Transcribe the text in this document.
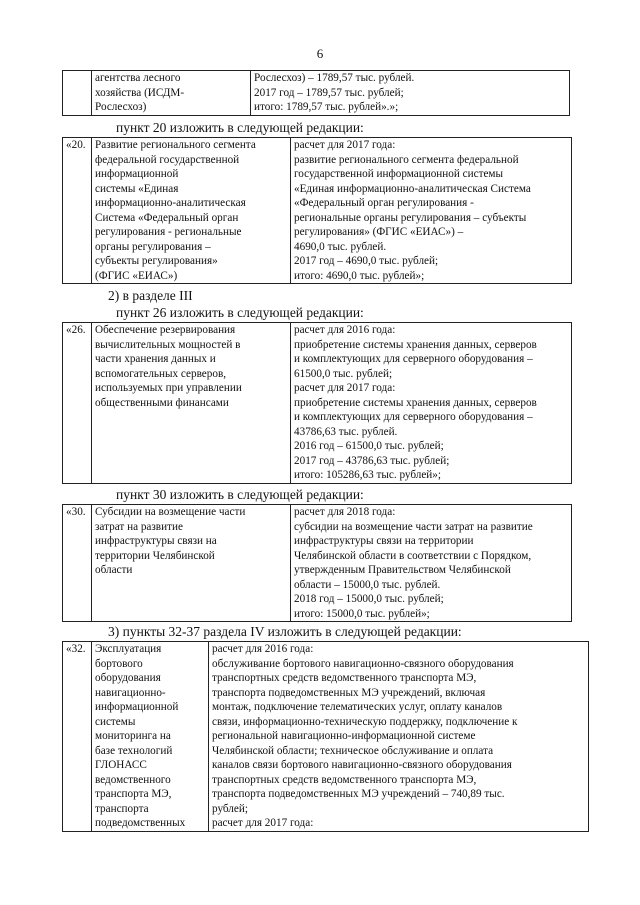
6

агентства лесного
хозяйства (ИСДМ-
Рослесхоз)

Рослесхоз) – 1789,57 тыс. рублей.
2017 год – 1789,57 тыс. рублей;
итого: 1789,57 тыс. рублей».»;
пункт 20 изложить в следующей редакции:
«20.	Развитие регионального сегмента
федеральной государственной
информационной
системы «Единая
информационно-аналитическая
Система «Федеральный орган
регулирования - региональные
органы регулирования –
субъекты регулирования»
(ФГИС «ЕИАС»)

расчет для 2017 года:
развитие регионального сегмента федеральной
государственной информационной системы
«Единая информационно-аналитическая Система
«Федеральный орган регулирования -
региональные органы регулирования – субъекты
регулирования» (ФГИС «ЕИАС») –
4690,0 тыс. рублей.
2017 год – 4690,0 тыс. рублей;
итого: 4690,0 тыс. рублей»;
2) в разделе III
пункт 26 изложить в следующей редакции:
«26.	Обеспечение резервирования
вычислительных мощностей в
части хранения данных и
вспомогательных серверов,
используемых при управлении
общественными финансами

расчет для 2016 года:
приобретение системы хранения данных, серверов
и комплектующих для серверного оборудования –
61500,0 тыс. рублей;
расчет для 2017 года:
приобретение системы хранения данных, серверов
и комплектующих для серверного оборудования –
43786,63 тыс. рублей.
2016 год – 61500,0 тыс. рублей;
2017 год – 43786,63 тыс. рублей;
итого: 105286,63 тыс. рублей»;
пункт 30 изложить в следующей редакции:
«30.	Субсидии на возмещение части
затрат на развитие
инфраструктуры связи на
территории Челябинской
области

расчет для 2018 года:
субсидии на возмещение части затрат на развитие
инфраструктуры связи на территории
Челябинской области в соответствии с Порядком,
утвержденным Правительством Челябинской
области – 15000,0 тыс. рублей.
2018 год – 15000,0 тыс. рублей;
итого: 15000,0 тыс. рублей»;
3) пункты 32-37 раздела IV изложить в следующей редакции:
«32.	Эксплуатация
бортового
оборудования
навигационно-
информационной
системы
мониторинга на
базе технологий
ГЛОНАСС
ведомственного
транспорта МЭ,
транспорта
подведомственных

расчет для 2016 года:
обслуживание бортового навигационно-связного оборудования
транспортных средств ведомственного транспорта МЭ,
транспорта подведомственных МЭ учреждений, включая
монтаж, подключение телематических услуг, оплату каналов
связи, информационно-техническую поддержку, подключение к
региональной навигационно-информационной системе
Челябинской области; техническое обслуживание и оплата
каналов связи бортового навигационно-связного оборудования
транспортных средств ведомственного транспорта МЭ,
транспорта подведомственных МЭ учреждений – 740,89 тыс.
рублей;
расчет для 2017 года:
